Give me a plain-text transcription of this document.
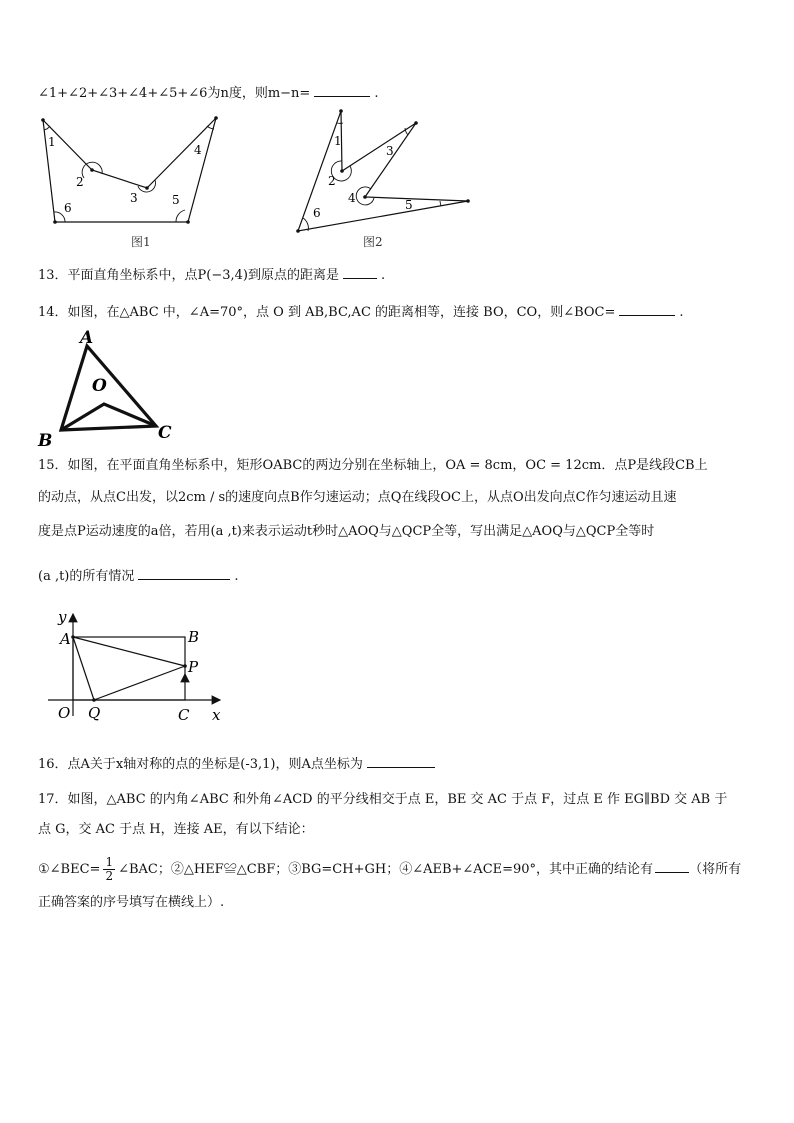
∠1+∠2+∠3+∠4+∠5+∠6为n度，则m−n=	.
1
2
3
4
5
6
图1
1
2
3
4	5
6
图2
13．平面直角坐标系中，点P(−3,4)到原点的距离是	.
14．如图，在△ABC 中，∠A=70°，点 O 到 AB,BC,AC 的距离相等，连接 BO，CO，则∠BOC=	.
A
O
B	C
15．如图，在平面直角坐标系中，矩形OABC的两边分别在坐标轴上，OA = 8cm，OC = 12cm．点P是线段CB上
的动点，从点C出发，以2cm / s的速度向点B作匀速运动；点Q在线段OC上，从点O出发向点C作匀速运动且速
度是点P运动速度的a倍，若用(a ,t)来表示运动t秒时△AOQ与△QCP全等，写出满足△AOQ与△QCP全等时
(a ,t)的所有情况	.
y
A	B
P
O Q	C x
16．点A关于x轴对称的点的坐标是(-3,1)，则A点坐标为
17．如图，△ABC 的内角∠ABC 和外角∠ACD 的平分线相交于点 E，BE 交 AC 于点 F，过点 E 作 EG∥BD 交 AB 于
点 G，交 AC 于点 H，连接 AE，有以下结论：
①∠BEC= $\frac{1}{2}$ ∠BAC；②△HEF≌△CBF；③BG=CH+GH；④∠AEB+∠ACE=90°，其中正确的结论有	（将所有
正确答案的序号填写在横线上）.
